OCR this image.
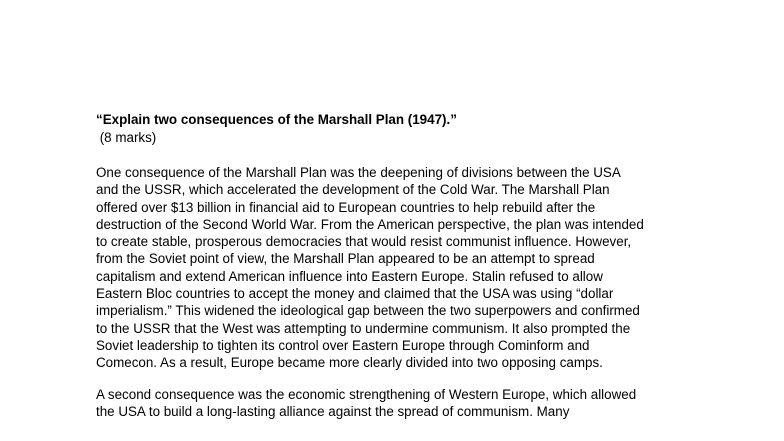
“Explain two consequences of the Marshall Plan (1947).”
(8 marks)

One consequence of the Marshall Plan was the deepening of divisions between the USA
and the USSR, which accelerated the development of the Cold War. The Marshall Plan
offered over $13 billion in financial aid to European countries to help rebuild after the
destruction of the Second World War. From the American perspective, the plan was intended
to create stable, prosperous democracies that would resist communist influence. However,
from the Soviet point of view, the Marshall Plan appeared to be an attempt to spread
capitalism and extend American influence into Eastern Europe. Stalin refused to allow
Eastern Bloc countries to accept the money and claimed that the USA was using “dollar
imperialism.” This widened the ideological gap between the two superpowers and confirmed
to the USSR that the West was attempting to undermine communism. It also prompted the
Soviet leadership to tighten its control over Eastern Europe through Cominform and
Comecon. As a result, Europe became more clearly divided into two opposing camps.

A second consequence was the economic strengthening of Western Europe, which allowed
the USA to build a long-lasting alliance against the spread of communism. Many
